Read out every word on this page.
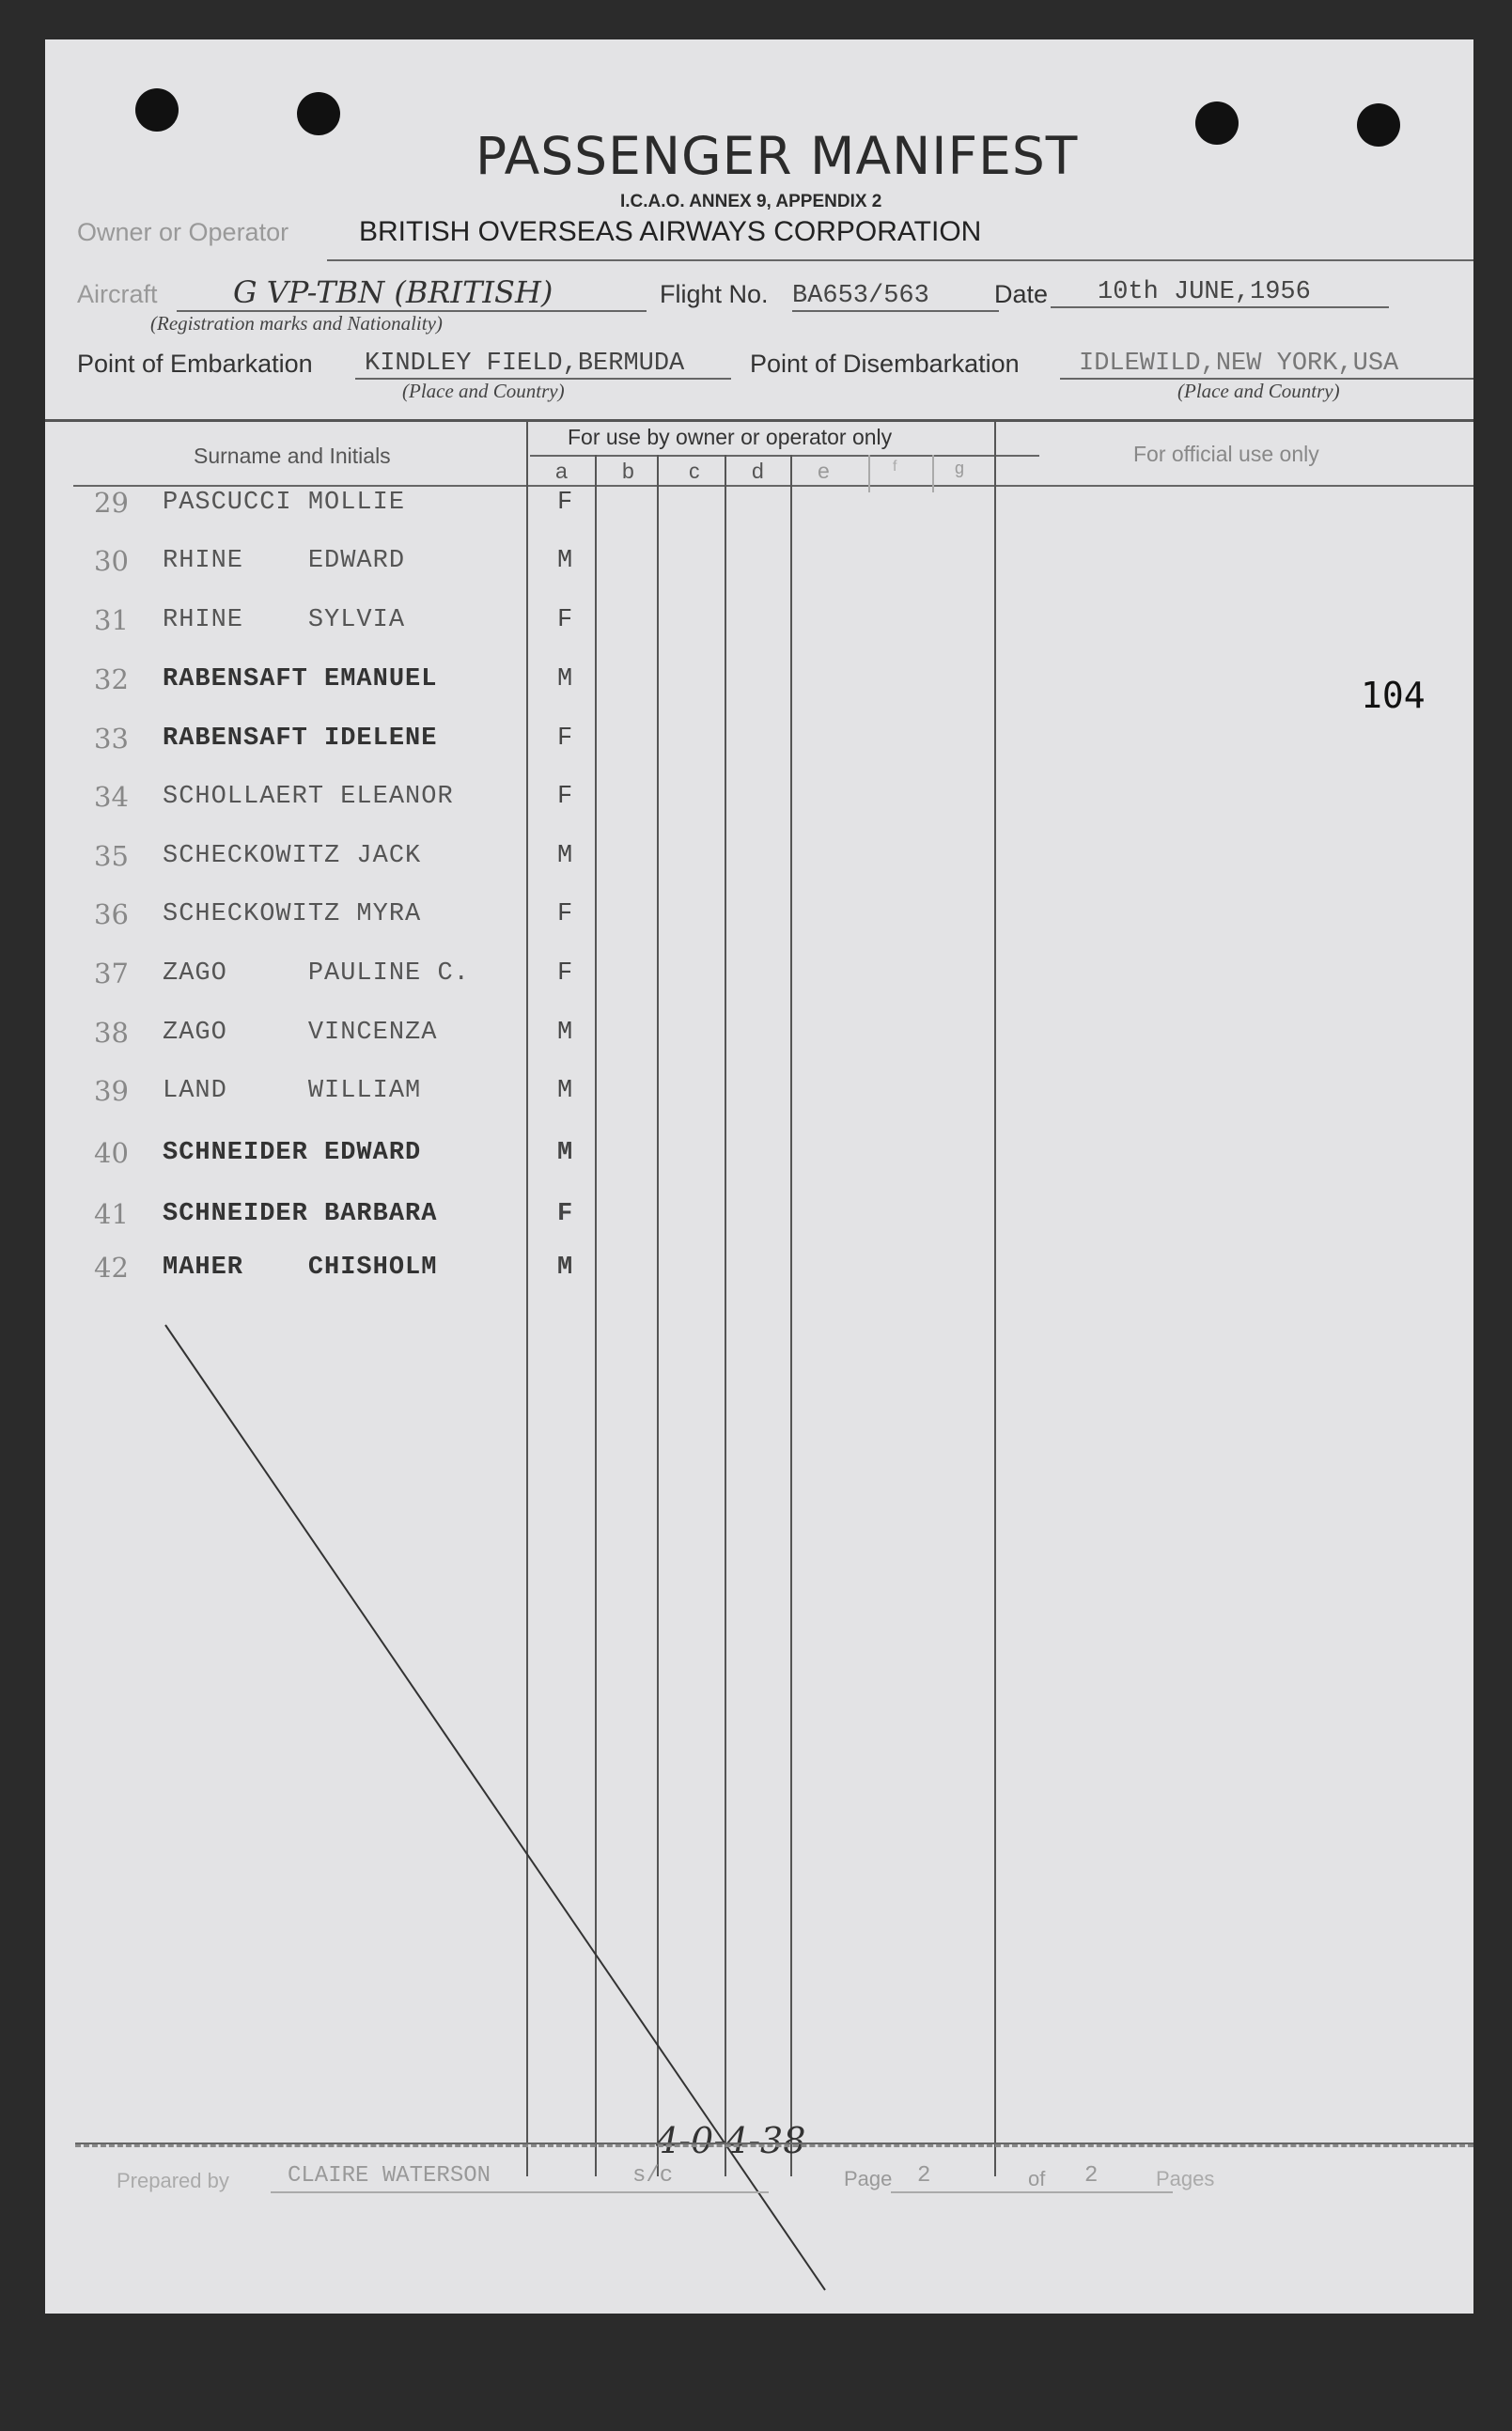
PASSENGER MANIFEST
I.C.A.O. ANNEX 9, APPENDIX 2
Owner or Operator BRITISH OVERSEAS AIRWAYS CORPORATION
Aircraft	G VP-TBN (BRITISH)
(Registration marks and Nationality)
Flight No. BA653/563	Date	10th JUNE,1956
Point of Embarkation	KINDLEY FIELD,BERMUDA
(Place and Country)
Point of Disembarkation	IDLEWILD,NEW YORK,USA
(Place and Country)
Surname and Initials
For use by owner or operator only
For official use only
a	b	c d e	f	g
29 PASCUCCI MOLLIE	F
30 RHINE    EDWARD	M
31 RHINE    SYLVIA	F
32 RABENSAFT EMANUEL	M
33 RABENSAFT IDELENE	F
34 SCHOLLAERT ELEANOR	F
35 SCHECKOWITZ JACK	M
36 SCHECKOWITZ MYRA	F
37 ZAGO     PAULINE C.	F
38 ZAGO     VINCENZA	M
39 LAND     WILLIAM	M
40 SCHNEIDER EDWARD	M
41 SCHNEIDER BARBARA	F
42 MAHER    CHISHOLM	M
104
4-0-4-38
Prepared by	CLAIRE WATERSON	s/c	Page 2	of 2	Pages
